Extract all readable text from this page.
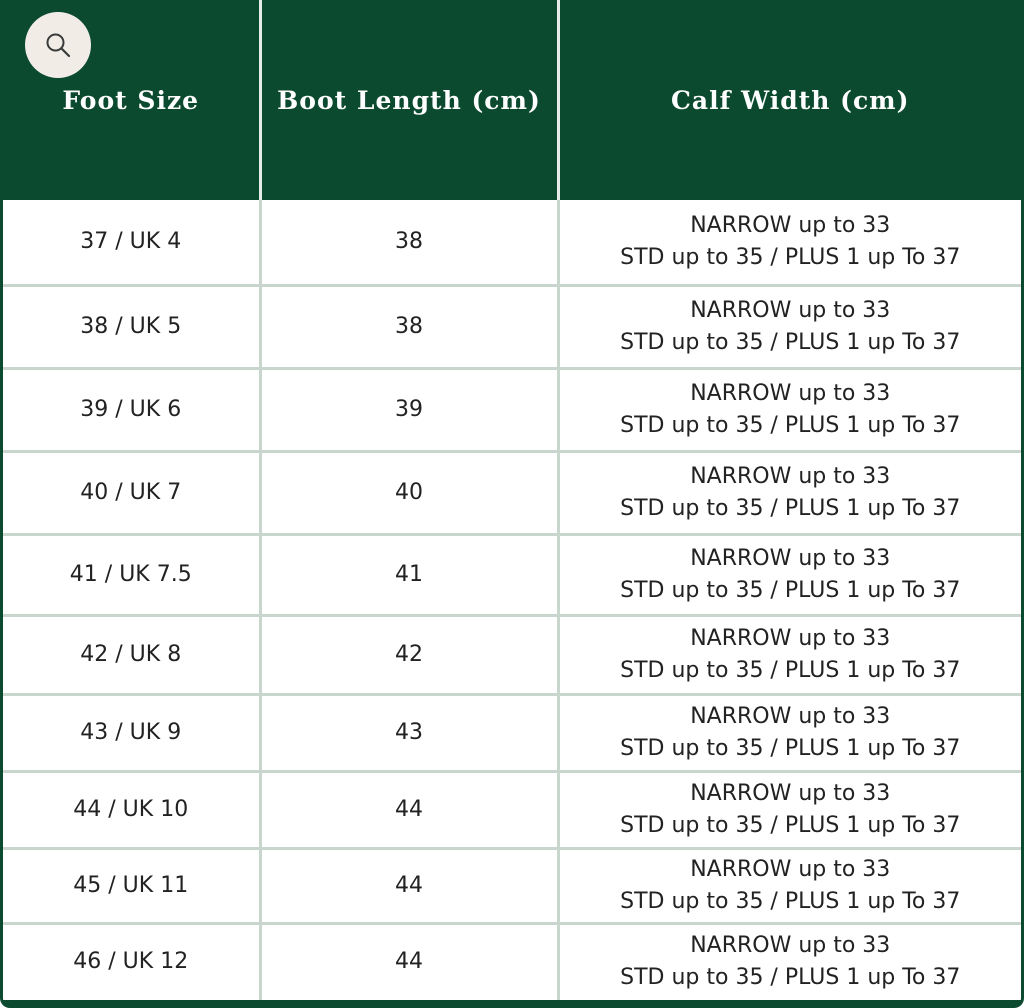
Foot Size	Boot Length (cm)	Calf Width (cm)
37 / UK 4	38	NARROW up to 33
STD up to 35 / PLUS 1 up To 37

38 / UK 5	38	NARROW up to 33
STD up to 35 / PLUS 1 up To 37

39 / UK 6	39	NARROW up to 33
STD up to 35 / PLUS 1 up To 37

40 / UK 7	40	NARROW up to 33
STD up to 35 / PLUS 1 up To 37

41 / UK 7.5	41	NARROW up to 33
STD up to 35 / PLUS 1 up To 37

42 / UK 8	42	NARROW up to 33
STD up to 35 / PLUS 1 up To 37

43 / UK 9	43	NARROW up to 33
STD up to 35 / PLUS 1 up To 37

44 / UK 10	44	NARROW up to 33
STD up to 35 / PLUS 1 up To 37

45 / UK 11	44	NARROW up to 33
STD up to 35 / PLUS 1 up To 37

46 / UK 12	44	NARROW up to 33
STD up to 35 / PLUS 1 up To 37
